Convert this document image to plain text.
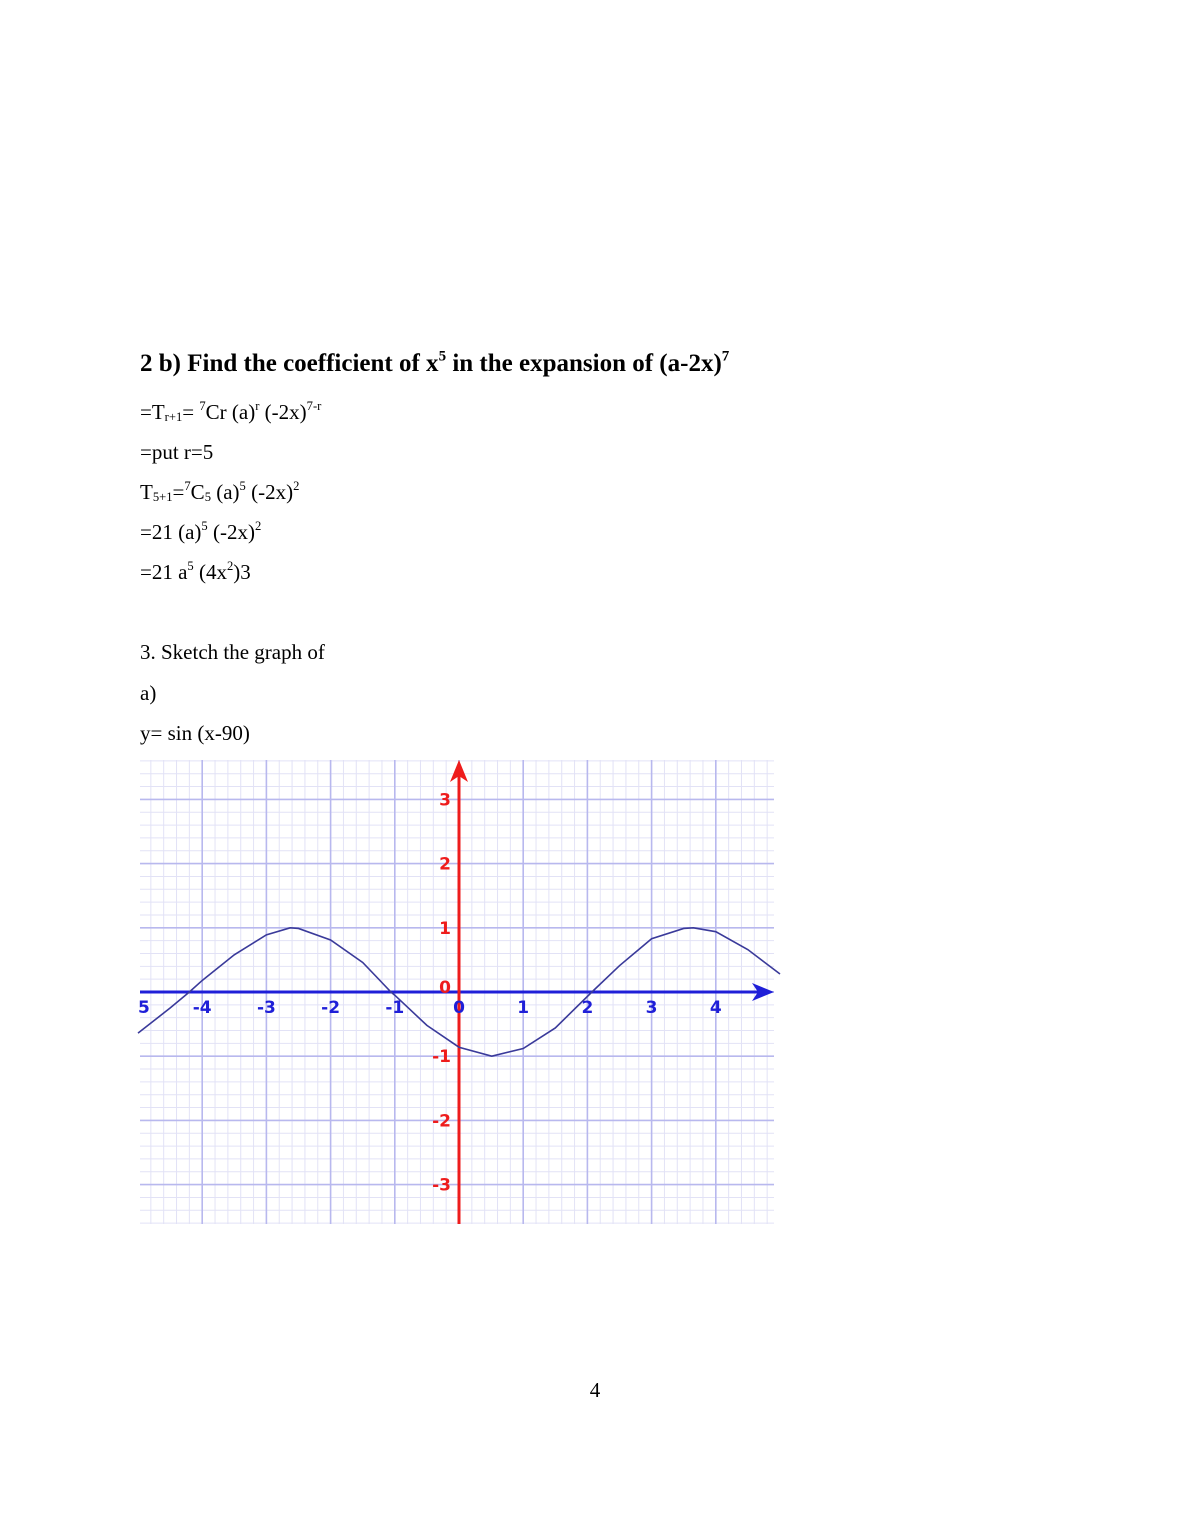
2 b) Find the coefficient of $x^5$ in the expansion of $(a-2x)^7$
$=T_{r+1}= ^7Cr$ $(a)^r$ $(-2x)^{7-r}$
=put r=5
$T_{5+1}=^7C_5$ $(a)^5$ $(-2x)^2$
=21 $(a)^5$ $(-2x)^2$
=21 $a^5$ $(4x^2)3$
3. Sketch the graph of
a)
y= sin (x-90)
5	-4	-3	-2	-1	0	1	2	3	4
3
2
1
0
-1
-2
-3
4
